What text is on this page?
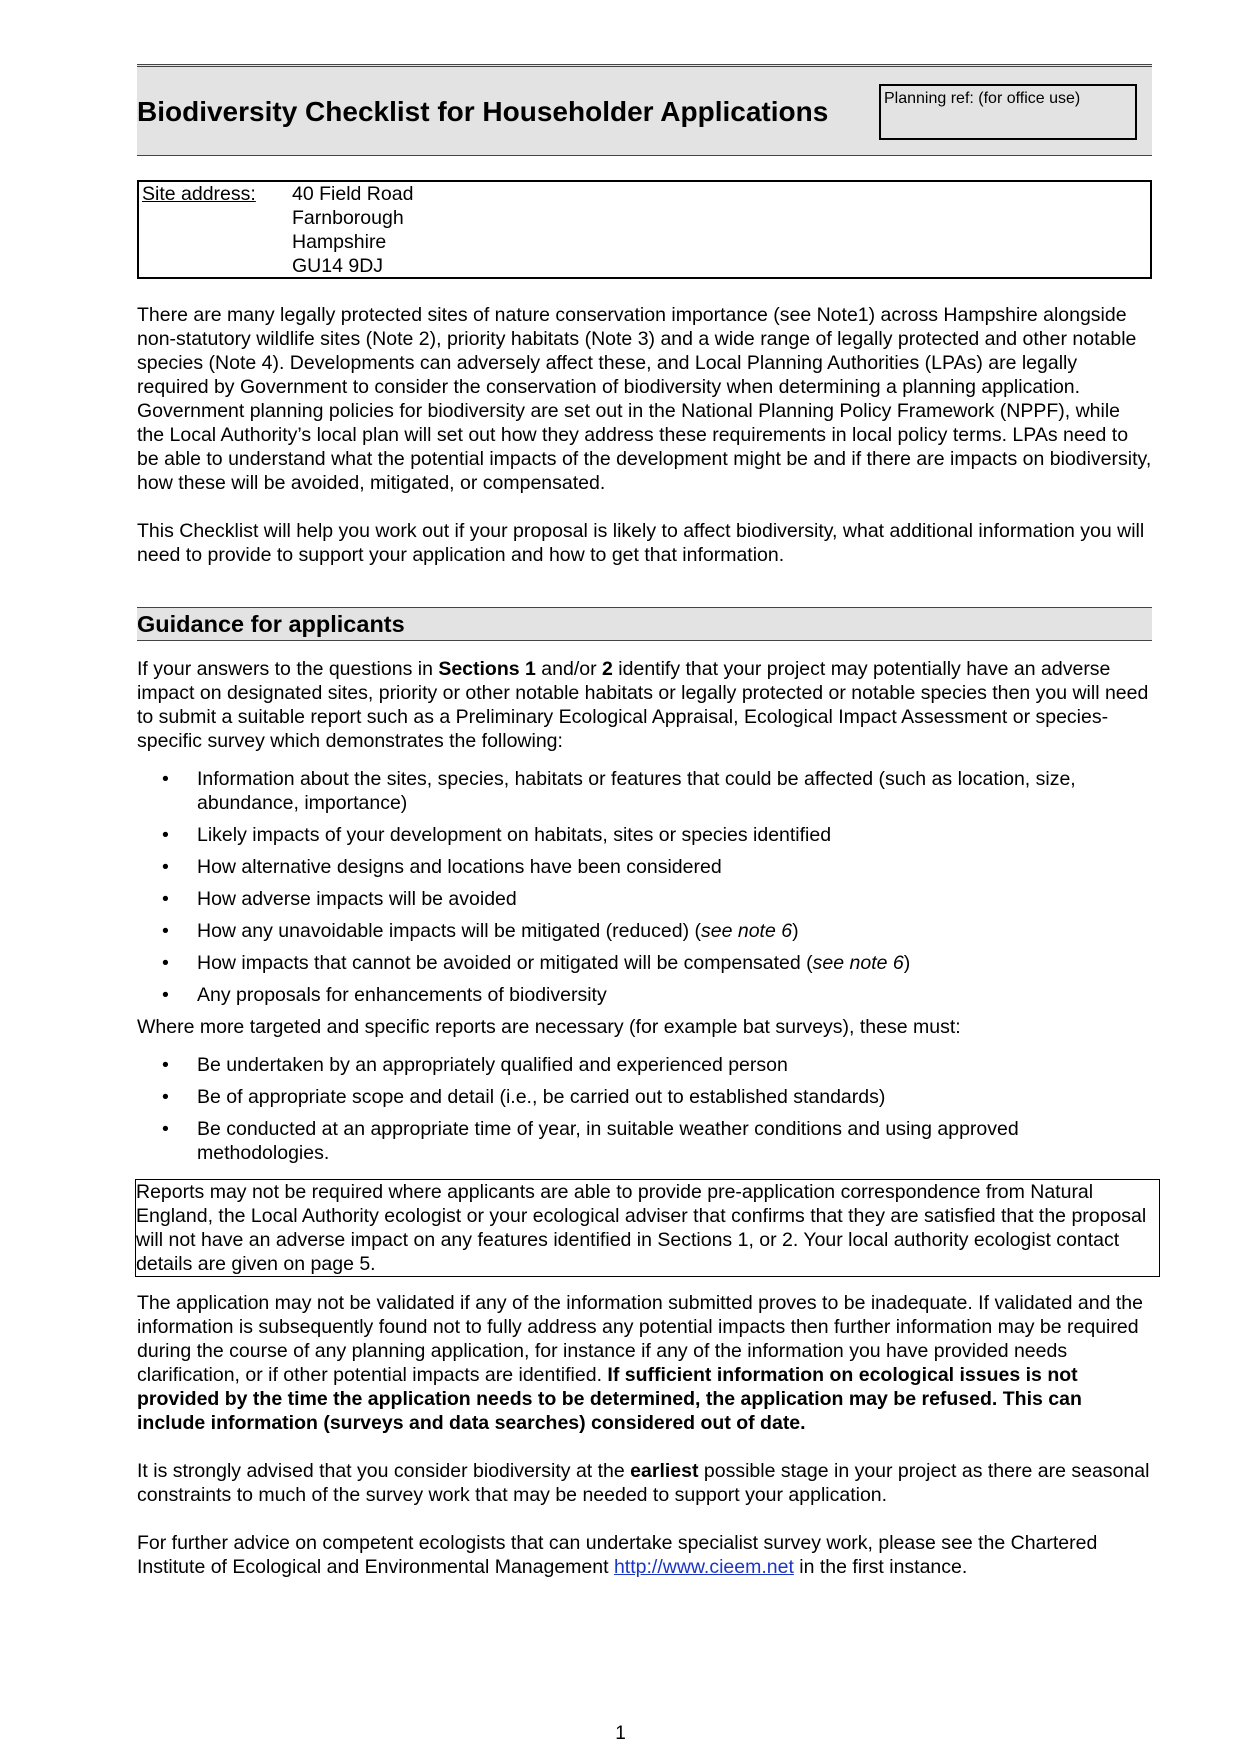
Biodiversity Checklist for Householder Applications	Planning ref: (for office use)
Site address: 40 Field Road
Farnborough
Hampshire
GU14 9DJ

There are many legally protected sites of nature conservation importance (see Note1) across Hampshire alongside non-statutory wildlife sites (Note 2), priority habitats (Note 3) and a wide range of legally protected and other notable species (Note 4). Developments can adversely affect these, and Local Planning Authorities (LPAs) are legally required by Government to consider the conservation of biodiversity when determining a planning application. Government planning policies for biodiversity are set out in the National Planning Policy Framework (NPPF), while the Local Authority’s local plan will set out how they address these requirements in local policy terms. LPAs need to be able to understand what the potential impacts of the development might be and if there are impacts on biodiversity, how these will be avoided, mitigated, or compensated.

This Checklist will help you work out if your proposal is likely to affect biodiversity, what additional information you will need to provide to support your application and how to get that information.

Guidance for applicants

If your answers to the questions in Sections 1 and/or 2 identify that your project may potentially have an adverse impact on designated sites, priority or other notable habitats or legally protected or notable species then you will need to submit a suitable report such as a Preliminary Ecological Appraisal, Ecological Impact Assessment or species-specific survey which demonstrates the following:

• Information about the sites, species, habitats or features that could be affected (such as location, size, abundance, importance)
• Likely impacts of your development on habitats, sites or species identified
• How alternative designs and locations have been considered
• How adverse impacts will be avoided
• How any unavoidable impacts will be mitigated (reduced) (see note 6)
• How impacts that cannot be avoided or mitigated will be compensated (see note 6)
• Any proposals for enhancements of biodiversity

Where more targeted and specific reports are necessary (for example bat surveys), these must:

• Be undertaken by an appropriately qualified and experienced person
• Be of appropriate scope and detail (i.e., be carried out to established standards)
• Be conducted at an appropriate time of year, in suitable weather conditions and using approved methodologies.
Reports may not be required where applicants are able to provide pre-application correspondence from Natural England, the Local Authority ecologist or your ecological adviser that confirms that they are satisfied that the proposal will not have an adverse impact on any features identified in Sections 1, or 2. Your local authority ecologist contact details are given on page 5.

The application may not be validated if any of the information submitted proves to be inadequate. If validated and the information is subsequently found not to fully address any potential impacts then further information may be required during the course of any planning application, for instance if any of the information you have provided needs clarification, or if other potential impacts are identified. If sufficient information on ecological issues is not provided by the time the application needs to be determined, the application may be refused. This can include information (surveys and data searches) considered out of date.

It is strongly advised that you consider biodiversity at the earliest possible stage in your project as there are seasonal constraints to much of the survey work that may be needed to support your application.

For further advice on competent ecologists that can undertake specialist survey work, please see the Chartered Institute of Ecological and Environmental Management http://www.cieem.net in the first instance.

1
